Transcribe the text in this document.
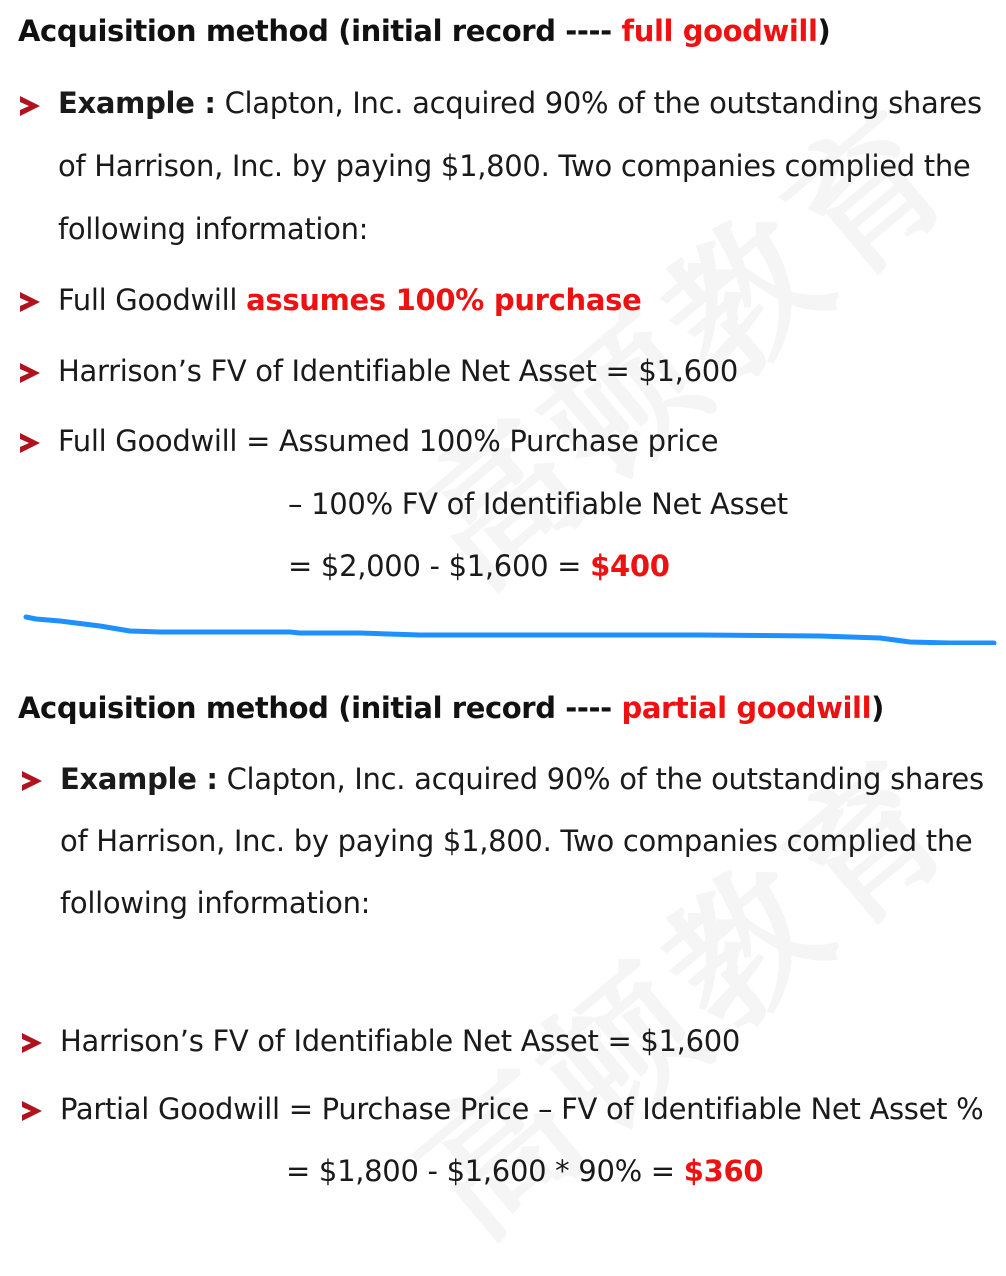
Acquisition method (initial record ---- full goodwill)
Example : Clapton, Inc. acquired 90% of the outstanding shares
of Harrison, Inc. by paying $1,800. Two companies complied the
following information:
Full Goodwill assumes 100% purchase
Harrison’s FV of Identifiable Net Asset = $1,600
Full Goodwill = Assumed 100% Purchase price
– 100% FV of Identifiable Net Asset
= $2,000 - $1,600 = $400
Acquisition method (initial record ---- partial goodwill)
Example : Clapton, Inc. acquired 90% of the outstanding shares
of Harrison, Inc. by paying $1,800. Two companies complied the
following information:
Harrison’s FV of Identifiable Net Asset = $1,600
Partial Goodwill = Purchase Price – FV of Identifiable Net Asset %
= $1,800 - $1,600 * 90% = $360
